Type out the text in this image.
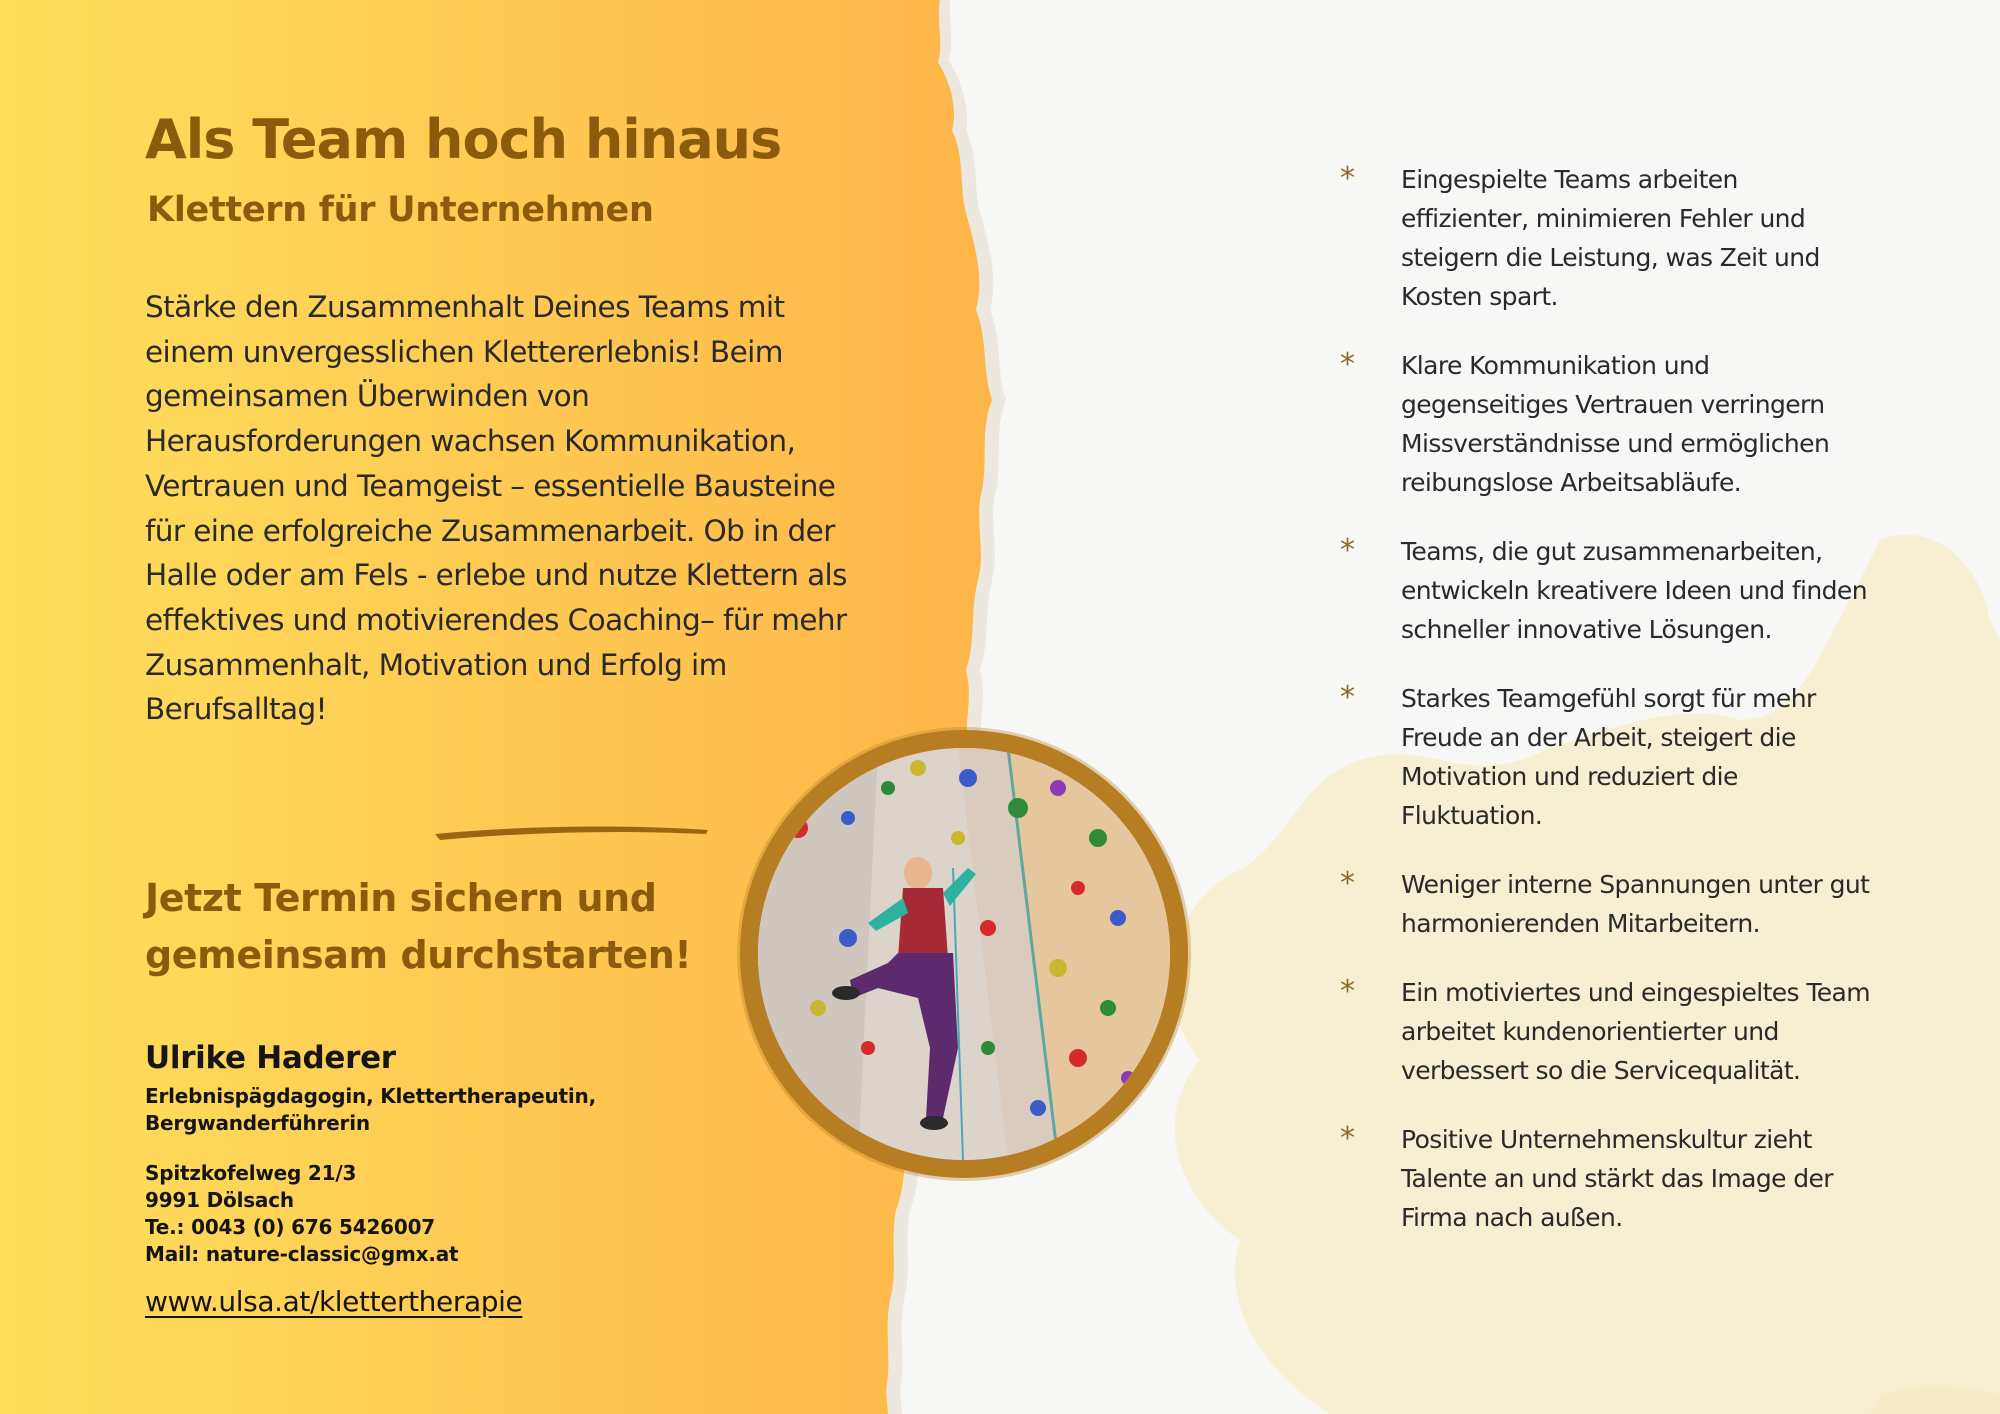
Als Team hoch hinaus
Klettern für Unternehmen

Stärke den Zusammenhalt Deines Teams mit einem unvergesslichen Klettererlebnis! Beim gemeinsamen Überwinden von Herausforderungen wachsen Kommunikation, Vertrauen und Teamgeist – essentielle Bausteine für eine erfolgreiche Zusammenarbeit. Ob in der Halle oder am Fels - erlebe und nutze Klettern als effektives und motivierendes Coaching– für mehr Zusammenhalt, Motivation und Erfolg im Berufsalltag!

Jetzt Termin sichern und gemeinsam durchstarten!

Ulrike Haderer

Erlebnispägdagogin, Klettertherapeutin, Bergwanderführerin

Spitzkofelweg 21/3
9991 Dölsach
Te.: 0043 (0) 676 5426007
Mail: nature-classic@gmx.at
www.ulsa.at/klettertherapie
* Eingespielte Teams arbeiten effizienter, minimieren Fehler und steigern die Leistung, was Zeit und Kosten spart.
* Klare Kommunikation und gegenseitiges Vertrauen verringern Missverständnisse und ermöglichen reibungslose Arbeitsabläufe.
* Teams, die gut zusammenarbeiten, entwickeln kreativere Ideen und finden schneller innovative Lösungen.
* Starkes Teamgefühl sorgt für mehr Freude an der Arbeit, steigert die Motivation und reduziert die Fluktuation.
* Weniger interne Spannungen unter gut harmonierenden Mitarbeitern.
* Ein motiviertes und eingespieltes Team arbeitet kundenorientierter und verbessert so die Servicequalität.
* Positive Unternehmenskultur zieht Talente an und stärkt das Image der Firma nach außen.
